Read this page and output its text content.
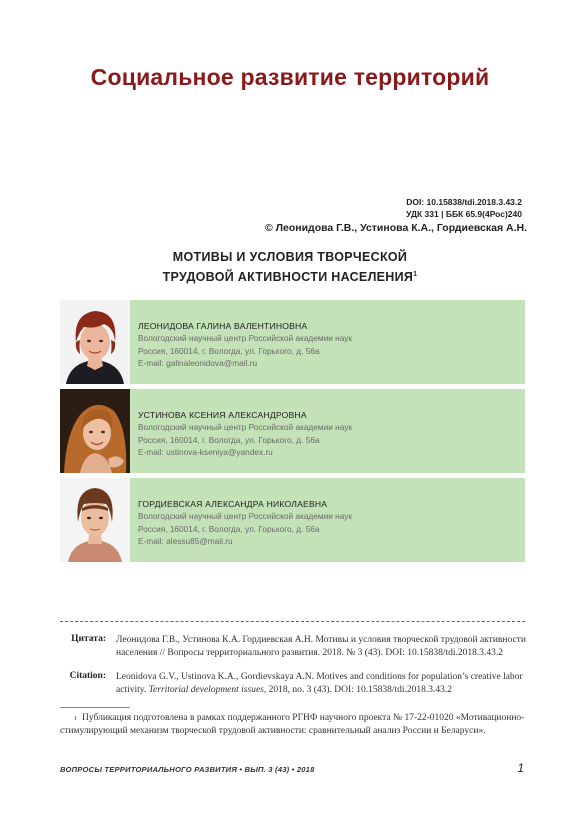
Социальное развитие территорий
DOI: 10.15838/tdi.2018.3.43.2
УДК 331 | ББК 65.9(4Рос)240
© Леонидова Г.В., Устинова К.А., Гордиевская А.Н.
МОТИВЫ И УСЛОВИЯ ТВОРЧЕСКОЙ
ТРУДОВОЙ АКТИВНОСТИ НАСЕЛЕНИЯ$^1$
ЛЕОНИДОВА ГАЛИНА ВАЛЕНТИНОВНА
Вологодский научный центр Российской академии наук
Россия, 160014, г. Вологда, ул. Горького, д. 56а
E-mail: galinaleonidova@mail.ru
УСТИНОВА КСЕНИЯ АЛЕКСАНДРОВНА
Вологодский научный центр Российской академии наук
Россия, 160014, г. Вологда, ул. Горького, д. 56а
E-mail: ustinova-kseniya@yandex.ru
ГОРДИЕВСКАЯ АЛЕКСАНДРА НИКОЛАЕВНА
Вологодский научный центр Российской академии наук
Россия, 160014, г. Вологда, ул. Горького, д. 56а
E-mail: alessu85@mail.ru
Цитата: Леонидова Г.В., Устинова К.А. Гордиевская А.Н. Мотивы и условия творческой трудовой активности населения // Вопросы территориального развития. 2018. № 3 (43). DOI: 10.15838/tdi.2018.3.43.2
Citation: Leonidova G.V., Ustinova K.A., Gordievskaya A.N. Motives and conditions for population’s creative labor activity. Territorial development issues, 2018, no. 3 (43). DOI: 10.15838/tdi.2018.3.43.2
$^1$ Публикация подготовлена в рамках поддержанного РГНФ научного проекта № 17-22-01020 «Мотивационно-стимулирующий механизм творческой трудовой активности: сравнительный анализ России и Беларуси».
ВОПРОСЫ ТЕРРИТОРИАЛЬНОГО РАЗВИТИЯ • ВЫП. 3 (43) • 2018	1
